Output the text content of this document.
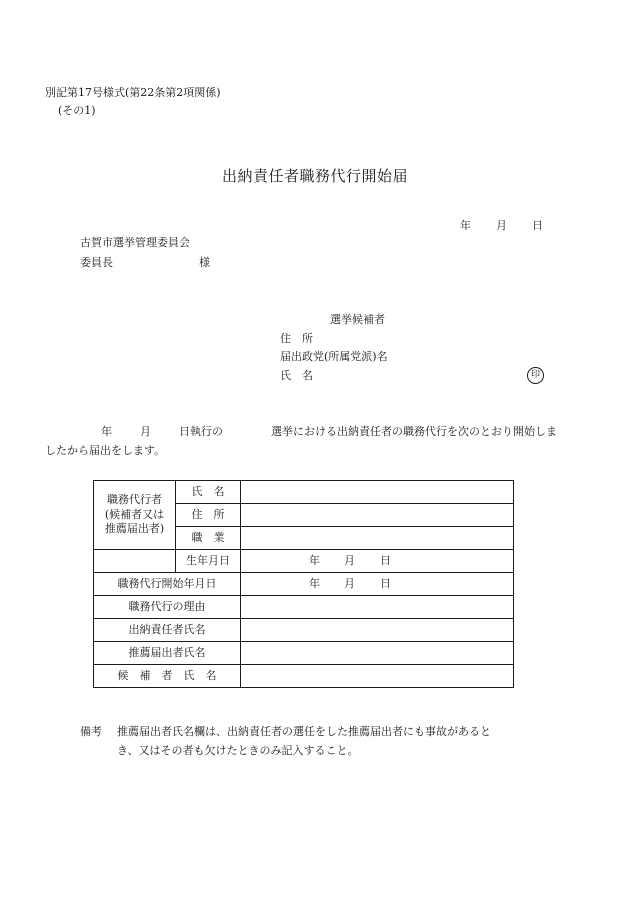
別記第17号様式(第22条第2項関係)
(その1)
出納責任者職務代行開始届
年 月 日
古賀市選挙管理委員会
委員長	様
選挙候補者
住　所
届出政党(所属党派)名
氏　名	印
年	月	日執行の	選挙における出納責任者の職務代行を次のとおり開始しま
したから届出をします。
職務代行者
(候補者又は
推薦届出者)	氏　名	
	住　所	
	職　業	
	生年月日	年 月 日

職務代行開始年月日		年 月 日

職務代行の理由		
出納責任者氏名		
推薦届出者氏名		
候　補　者　氏　名		
備考 推薦届出者氏名欄は、出納責任者の選任をした推薦届出者にも事故があると
き、又はその者も欠けたときのみ記入すること。
